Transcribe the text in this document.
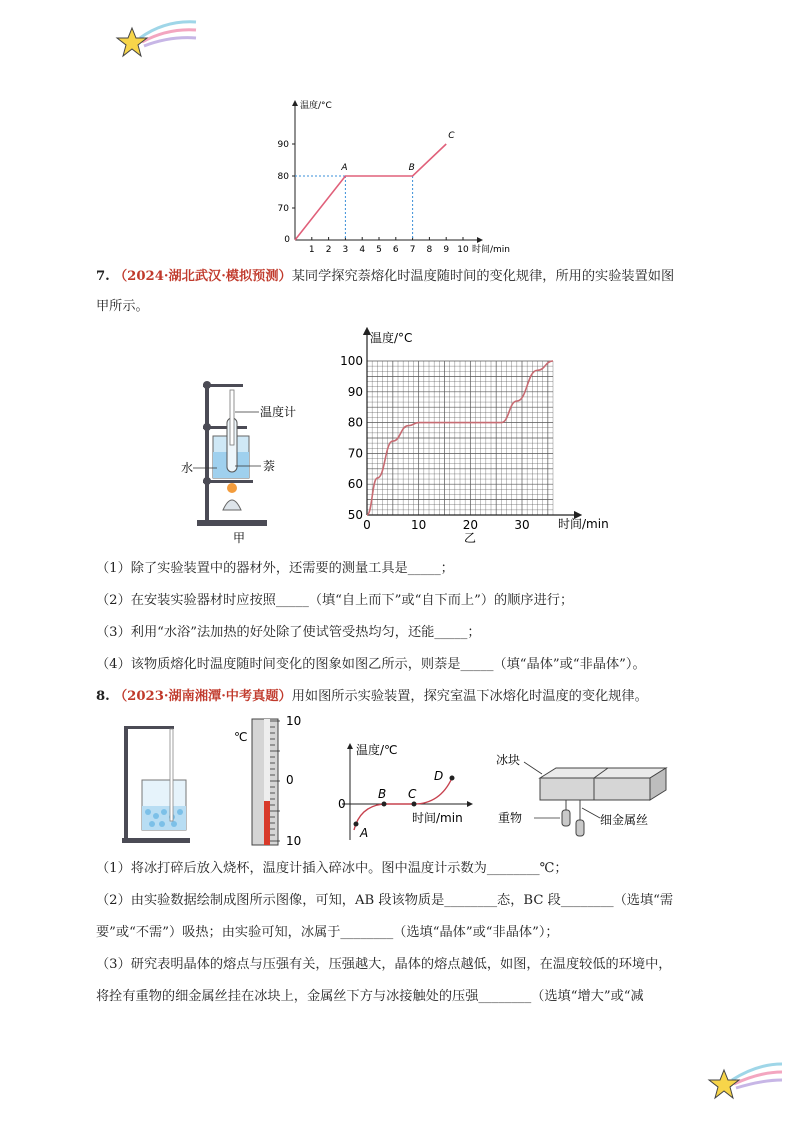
温度/°C
时间/min
0
70
80
90
1 2 3 4 5 6 7 8 9 10
A	B
C
7. （2024·湖北武汉·模拟预测）某同学探究萘熔化时温度随时间的变化规律，所用的实验装置如图
甲所示。
温度计
水	萘
甲
温度/°C
时间/min
乙
50
60
70
80
90
100
0	10	20	30
（1）除了实验装置中的器材外，还需要的测量工具是_____；
（2）在安装实验器材时应按照_____（填“自上而下”或“自下而上”）的顺序进行；
（3）利用“水浴”法加热的好处除了使试管受热均匀，还能_____；
（4）该物质熔化时温度随时间变化的图象如图乙所示，则萘是_____（填“晶体”或“非晶体”）。
8. （2023·湖南湘潭·中考真题）用如图所示实验装置，探究室温下冰熔化时温度的变化规律。
℃
10
0
10
温度/℃
时间/min
0
A
B C
D
冰块
重物	细金属丝
（1）将冰打碎后放入烧杯，温度计插入碎冰中。图中温度计示数为________℃；
（2）由实验数据绘制成图所示图像，可知，AB 段该物质是________态，BC 段________（选填“需
要”或“不需”）吸热；由实验可知，冰属于________（选填“晶体”或“非晶体”）；
（3）研究表明晶体的熔点与压强有关，压强越大，晶体的熔点越低，如图，在温度较低的环境中，
将拴有重物的细金属丝挂在冰块上，金属丝下方与冰接触处的压强________（选填“增大”或“减
